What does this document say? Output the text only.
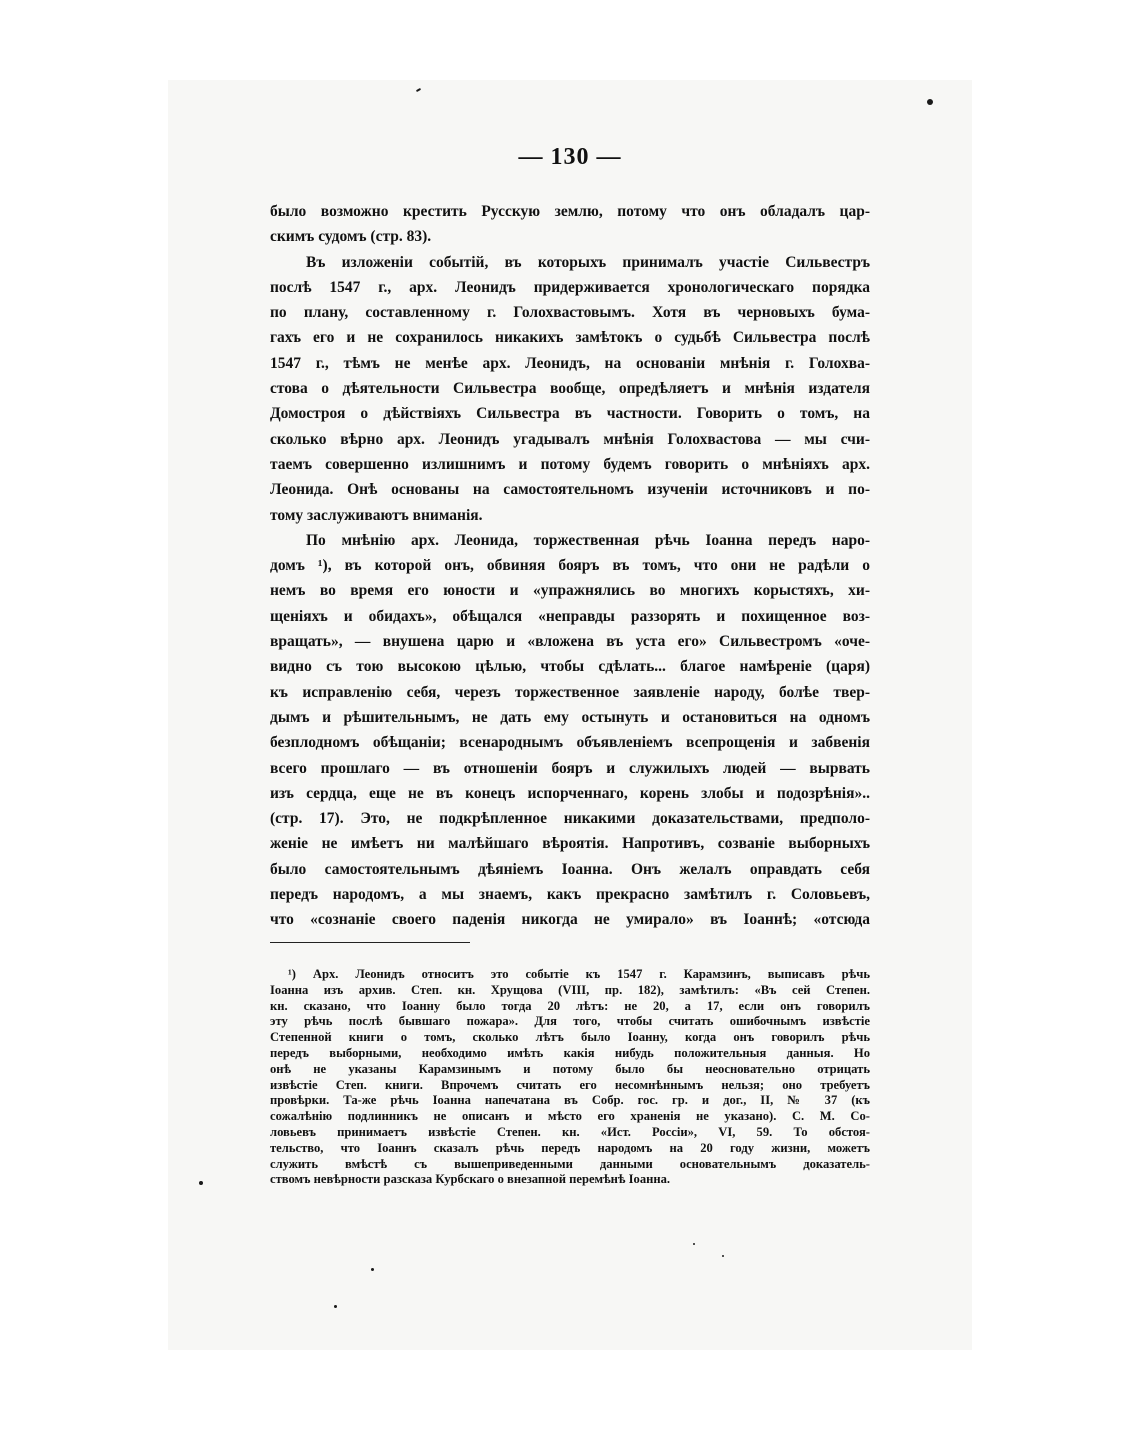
— 130 —
было возможно крестить Русскую землю, потому что онъ обладалъ цар-
скимъ судомъ (стр. 83).
Въ изложеніи событій, въ которыхъ принималъ участіе Сильвестръ
послѣ 1547 г., арх. Леонидъ придерживается хронологическаго порядка
по плану, составленному г. Голохвастовымъ. Хотя въ черновыхъ бума-
гахъ его и не сохранилось никакихъ замѣтокъ о судьбѣ Сильвестра послѣ
1547 г., тѣмъ не менѣе арх. Леонидъ, на основаніи мнѣнія г. Голохва-
стова о дѣятельности Сильвестра вообще, опредѣляетъ и мнѣнія издателя
Домостроя о дѣйствіяхъ Сильвестра въ частности. Говорить о томъ, на
сколько вѣрно арх. Леонидъ угадывалъ мнѣнія Голохвастова — мы счи-
таемъ совершенно излишнимъ и потому будемъ говорить о мнѣніяхъ арх.
Леонида. Онѣ основаны на самостоятельномъ изученіи источниковъ и по-
тому заслуживаютъ вниманія.
По мнѣнію арх. Леонида, торжественная рѣчь Іоанна передъ наро-
домъ ¹), въ которой онъ, обвиняя бояръ въ томъ, что они не радѣли о
немъ во время его юности и «упражнялись во многихъ корыстяхъ, хи-
щеніяхъ и обидахъ», обѣщался «неправды раззорять и похищенное воз-
вращать», — внушена царю и «вложена въ уста его» Сильвестромъ «оче-
видно съ тою высокою цѣлью, чтобы сдѣлать... благое намѣреніе (царя)
къ исправленію себя, черезъ торжественное заявленіе народу, болѣе твер-
дымъ и рѣшительнымъ, не дать ему остынуть и остановиться на одномъ
безплодномъ обѣщаніи; всенароднымъ объявленіемъ всепрощенія и забвенія
всего прошлаго — въ отношеніи бояръ и служилыхъ людей — вырвать
изъ сердца, еще не въ конецъ испорченнаго, корень злобы и подозрѣнія»..
(стр. 17). Это, не подкрѣпленное никакими доказательствами, предполо-
женіе не имѣетъ ни малѣйшаго вѣроятія. Напротивъ, созваніе выборныхъ
было самостоятельнымъ дѣяніемъ Іоанна. Онъ желалъ оправдать себя
передъ народомъ, а мы знаемъ, какъ прекрасно замѣтилъ г. Соловьевъ,
что «сознаніе своего паденія никогда не умирало» въ Іоаннѣ; «отсюда
¹) Арх. Леонидъ относитъ это событіе къ 1547 г. Карамзинъ, выписавъ рѣчь
Іоанна изъ архив. Степ. кн. Хрущова (VIII, пр. 182), замѣтилъ: «Въ сей Степен.
кн. сказано, что Іоанну было тогда 20 лѣтъ: не 20, а 17, если онъ говорилъ
эту рѣчь послѣ бывшаго пожара». Для того, чтобы считать ошибочнымъ извѣстіе
Степенной книги о томъ, сколько лѣтъ было Іоанну, когда онъ говорилъ рѣчь
передъ выборными, необходимо имѣть какія нибудь положительныя данныя. Но
онѣ не указаны Карамзинымъ и потому было бы неосновательно отрицать
извѣстіе Степ. книги. Впрочемъ считать его несомнѣннымъ нельзя; оно требуетъ
провѣрки. Та-же рѣчь Іоанна напечатана въ Собр. гос. гр. и дог., II, № 37 (къ
сожалѣнію подлинникъ не описанъ и мѣсто его храненія не указано). С. М. Со-
ловьевъ принимаетъ извѣстіе Степен. кн. «Ист. Россіи», VI, 59. То обстоя-
тельство, что Іоаннъ сказалъ рѣчь передъ народомъ на 20 году жизни, можетъ
служить вмѣстѣ съ вышеприведенными данными основательнымъ доказатель-
ствомъ невѣрности разсказа Курбскаго о внезапной перемѣнѣ Іоанна.
